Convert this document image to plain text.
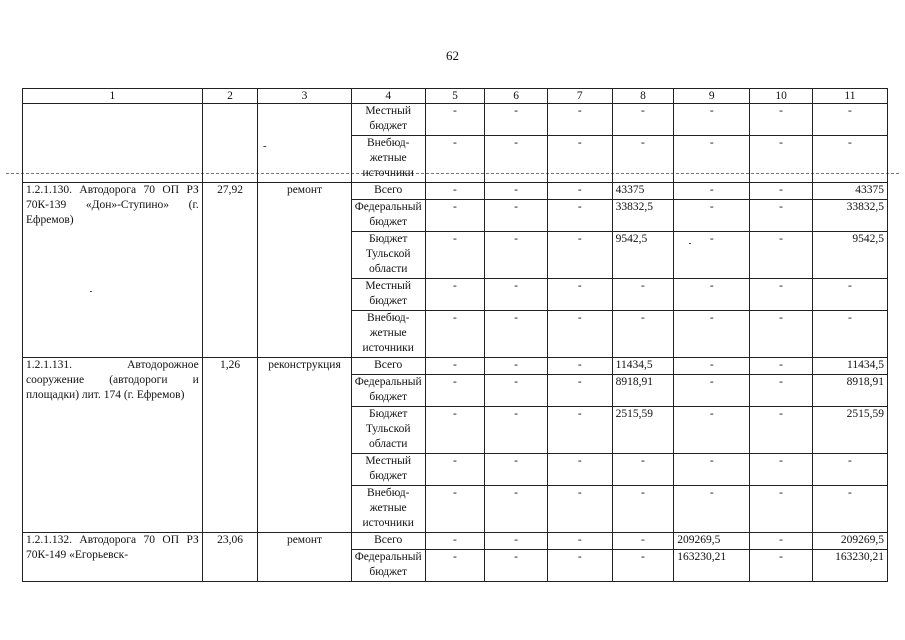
62
1	2	3	4	5	6	7	8	9	10	11
			Местный бюджет	-	-	-	-	-	-	-
			Внебюд-жетные источники	-	-	-	-	-	-	-
1.2.1.130. Автодорога 70 ОП РЗ 70К-139 «Дон»-Ступино» (г. Ефремов)	27,92	ремонт	Всего	-	-	-	43375	-	-	43375
			Федеральный бюджет	-	-	-	33832,5	-	-	33832,5
			Бюджет Тульской области	-	-	-	9542,5	-	-	9542,5
			Местный бюджет	-	-	-	-	-	-	-
			Внебюд-жетные источники	-	-	-	-	-	-	-
1.2.1.131. Автодорожное сооружение (автодороги и площадки) лит. 174 (г. Ефремов)	1,26	реконструкция	Всего	-	-	-	11434,5	-	-	11434,5
			Федеральный бюджет	-	-	-	8918,91	-	-	8918,91
			Бюджет Тульской области	-	-	-	2515,59	-	-	2515,59
			Местный бюджет	-	-	-	-	-	-	-
			Внебюд-жетные источники	-	-	-	-	-	-	-
1.2.1.132. Автодорога 70 ОП РЗ 70К-149 «Егорьевск-	23,06	ремонт	Всего	-	-	-	-	209269,5	-	209269,5
			Федеральный бюджет	-	-	-	-	163230,21	-	163230,21
-
